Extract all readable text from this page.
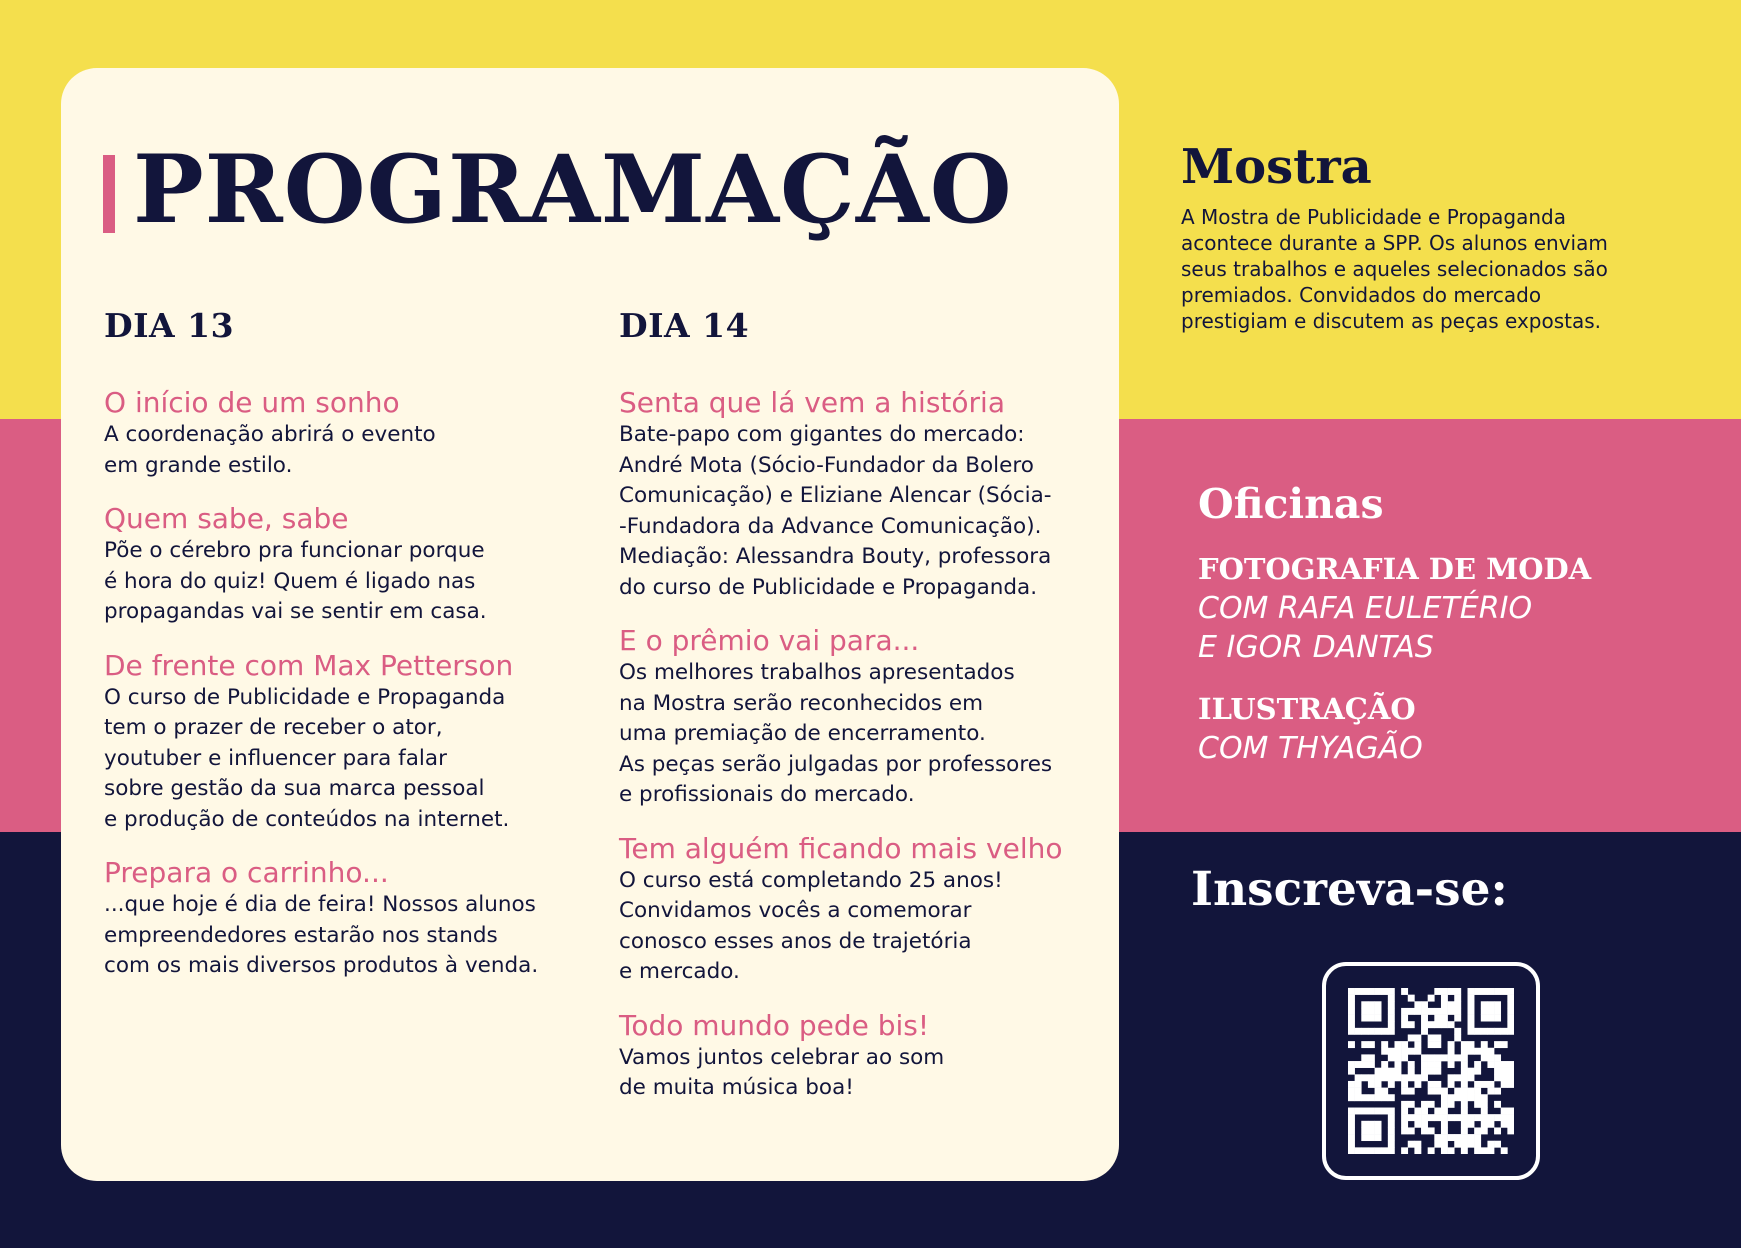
PROGRAMAÇÃO
DIA 13

O início de um sonho

A coordenação abrirá o evento
em grande estilo.

Quem sabe, sabe

Põe o cérebro pra funcionar porque
é hora do quiz! Quem é ligado nas
propagandas vai se sentir em casa.

De frente com Max Petterson

O curso de Publicidade e Propaganda
tem o prazer de receber o ator,
youtuber e influencer para falar
sobre gestão da sua marca pessoal
e produção de conteúdos na internet.

Prepara o carrinho...

...que hoje é dia de feira! Nossos alunos
empreendedores estarão nos stands
com os mais diversos produtos à venda.

DIA 14

Senta que lá vem a história

Bate-papo com gigantes do mercado:
André Mota (Sócio-Fundador da Bolero
Comunicação) e Eliziane Alencar (Sócia-
-Fundadora da Advance Comunicação).
Mediação: Alessandra Bouty, professora
do curso de Publicidade e Propaganda.

E o prêmio vai para...

Os melhores trabalhos apresentados
na Mostra serão reconhecidos em
uma premiação de encerramento.
As peças serão julgadas por professores
e profissionais do mercado.

Tem alguém ficando mais velho

O curso está completando 25 anos!
Convidamos vocês a comemorar
conosco esses anos de trajetória
e mercado.

Todo mundo pede bis!

Vamos juntos celebrar ao som
de muita música boa!

Mostra

A Mostra de Publicidade e Propaganda
acontece durante a SPP. Os alunos enviam
seus trabalhos e aqueles selecionados são
premiados. Convidados do mercado
prestigiam e discutem as peças expostas.

Oficinas

FOTOGRAFIA DE MODA

COM RAFA EULETÉRIO
E IGOR DANTAS

ILUSTRAÇÃO

COM THYAGÃO

Inscreva-se:
